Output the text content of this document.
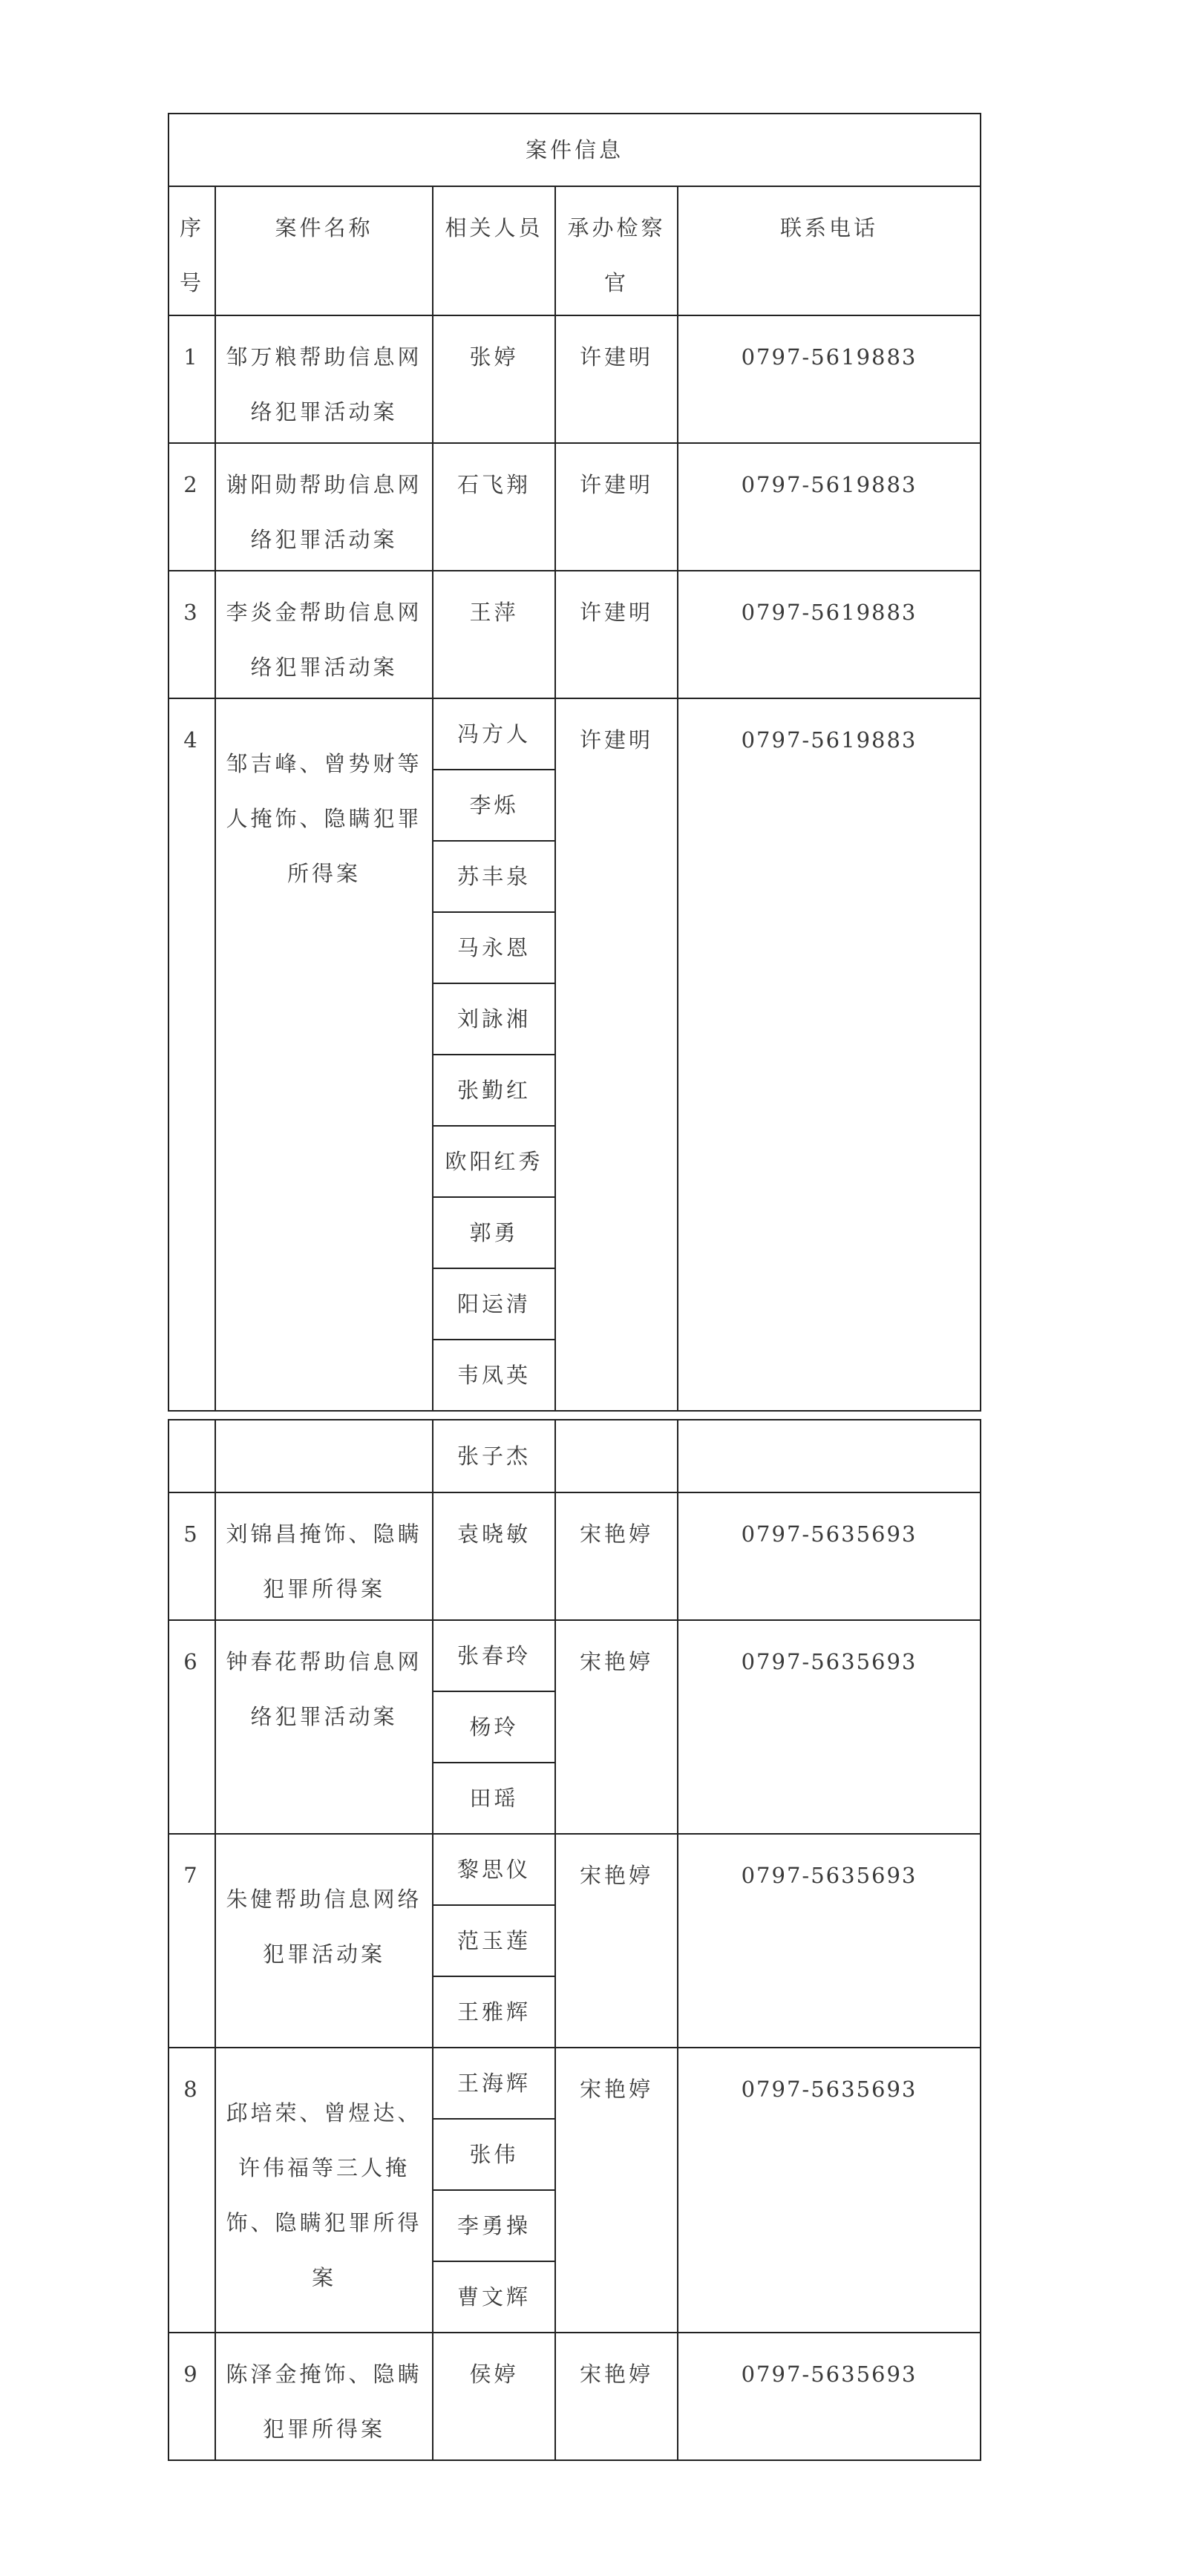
案件信息				
序
号	案件名称	相关人员	承办检察
官	联系电话
1	邹万粮帮助信息网
络犯罪活动案	张婷	许建明	0797-5619883
2	谢阳勋帮助信息网
络犯罪活动案	石飞翔	许建明	0797-5619883
3	李炎金帮助信息网
络犯罪活动案	王萍	许建明	0797-5619883
4	邹吉峰、曾势财等
人掩饰、隐瞒犯罪
所得案	冯方人	许建明	0797-5619883
		李烁		
		苏丰泉		
		马永恩		
		刘詠湘		
		张勤红		
		欧阳红秀		
		郭勇		
		阳运清		
		韦凤英		
		张子杰		
5	刘锦昌掩饰、隐瞒
犯罪所得案	袁晓敏	宋艳婷	0797-5635693
6	钟春花帮助信息网
络犯罪活动案	张春玲	宋艳婷	0797-5635693
		杨玲		
		田瑶		
7	朱健帮助信息网络
犯罪活动案	黎思仪	宋艳婷	0797-5635693
		范玉莲		
		王雅辉		
8	邱培荣、曾煜达、
许伟福等三人掩
饰、隐瞒犯罪所得
案	王海辉	宋艳婷	0797-5635693
		张伟		
		李勇操		
		曹文辉		
9	陈泽金掩饰、隐瞒
犯罪所得案	侯婷	宋艳婷	0797-5635693
